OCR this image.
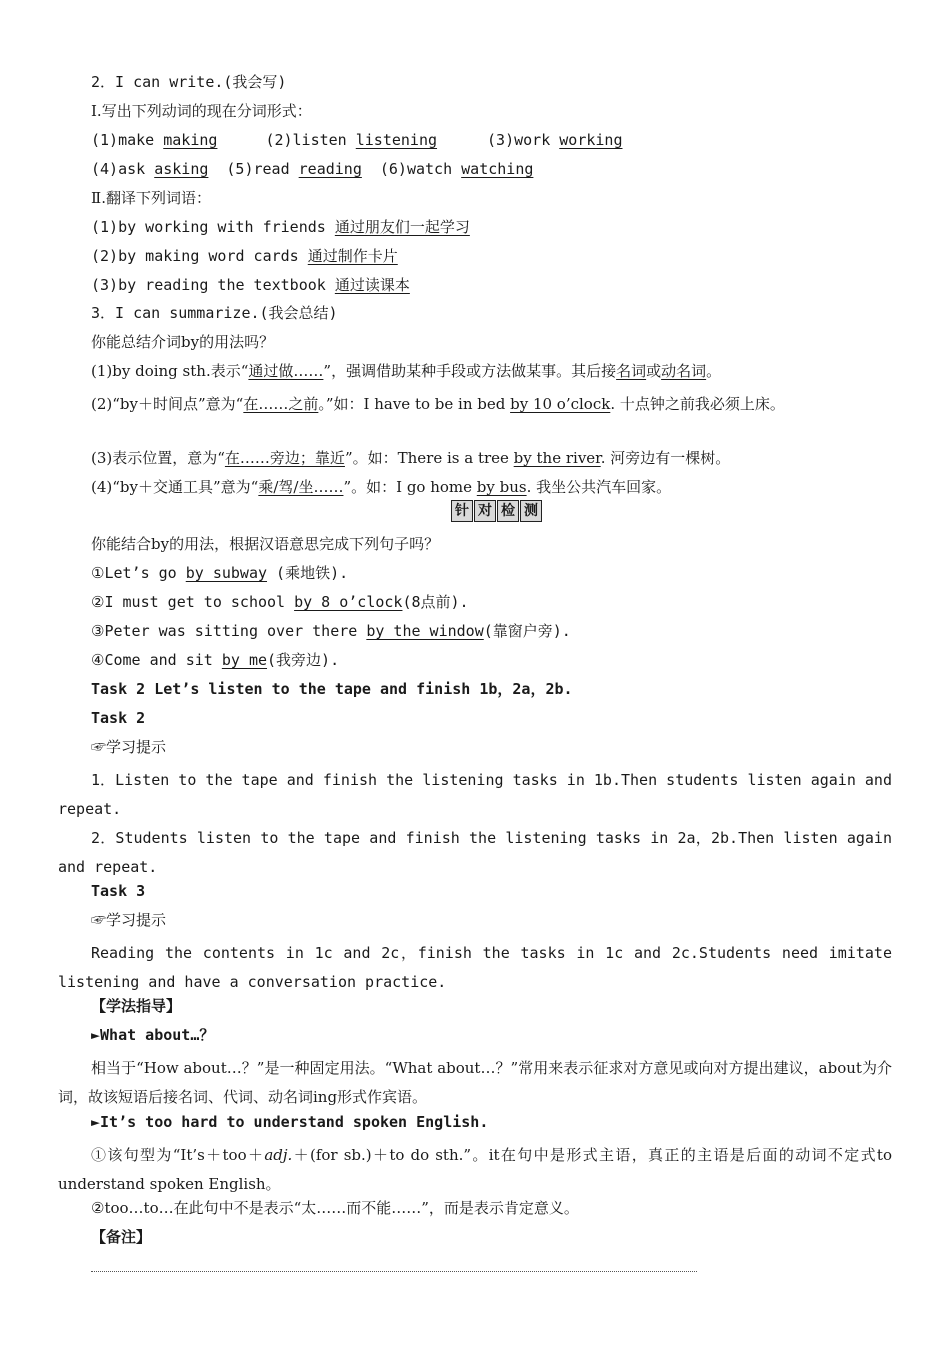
2．I can write.(我会写)
Ⅰ.写出下列动词的现在分词形式：
(1)make making	(2)listen listening	(3)work working
(4)ask asking (5)read reading (6)watch watching
Ⅱ.翻译下列词语：
(1)by working with friends 通过朋友们一起学习
(2)by making word cards 通过制作卡片
(3)by reading the textbook 通过读课本
3．I can summarize.(我会总结)
你能总结介词by的用法吗？
(1)by doing sth.表示“通过做……”，强调借助某种手段或方法做某事。其后接名词或动名词。
(2)“by＋时间点”意为“在……之前。”如：I have to be in bed by 10 o’clock. 十点钟之前我必须上床。
(3)表示位置，意为“在……旁边；靠近”。如：There is a tree by the river. 河旁边有一棵树。
(4)“by＋交通工具”意为“乘/驾/坐……”。如：I go home by bus. 我坐公共汽车回家。
针 对 检 测
你能结合by的用法，根据汉语意思完成下列句子吗？
①Let’s go by subway (乘地铁).
②I must get to school by 8 o’clock(8点前).
③Peter was sitting over there by the window(靠窗户旁).
④Come and sit by me(我旁边).
Task 2 Let’s listen to the tape and finish 1b，2a，2b.
Task 2
☞学习提示
1．Listen to the tape and finish the listening tasks in 1b.Then students listen again and repeat.
2．Students listen to the tape and finish the listening tasks in 2a，2b.Then listen again and repeat.
Task 3
☞学习提示
Reading the contents in 1c and 2c，finish the tasks in 1c and 2c.Students need imitate listening and have a conversation practice.
【学法指导】
►What about…？
相当于“How about…？”是一种固定用法。“What about…？”常用来表示征求对方意见或向对方提出建议，about为介词，故该短语后接名词、代词、动名词ing形式作宾语。
►It’s too hard to understand spoken English.
①该句型为“It’s＋too＋adj.＋(for sb.)＋to do sth.”。it在句中是形式主语，真正的主语是后面的动词不定式to understand spoken English。
②too…to…在此句中不是表示“太……而不能……”，而是表示肯定意义。
【备注】
